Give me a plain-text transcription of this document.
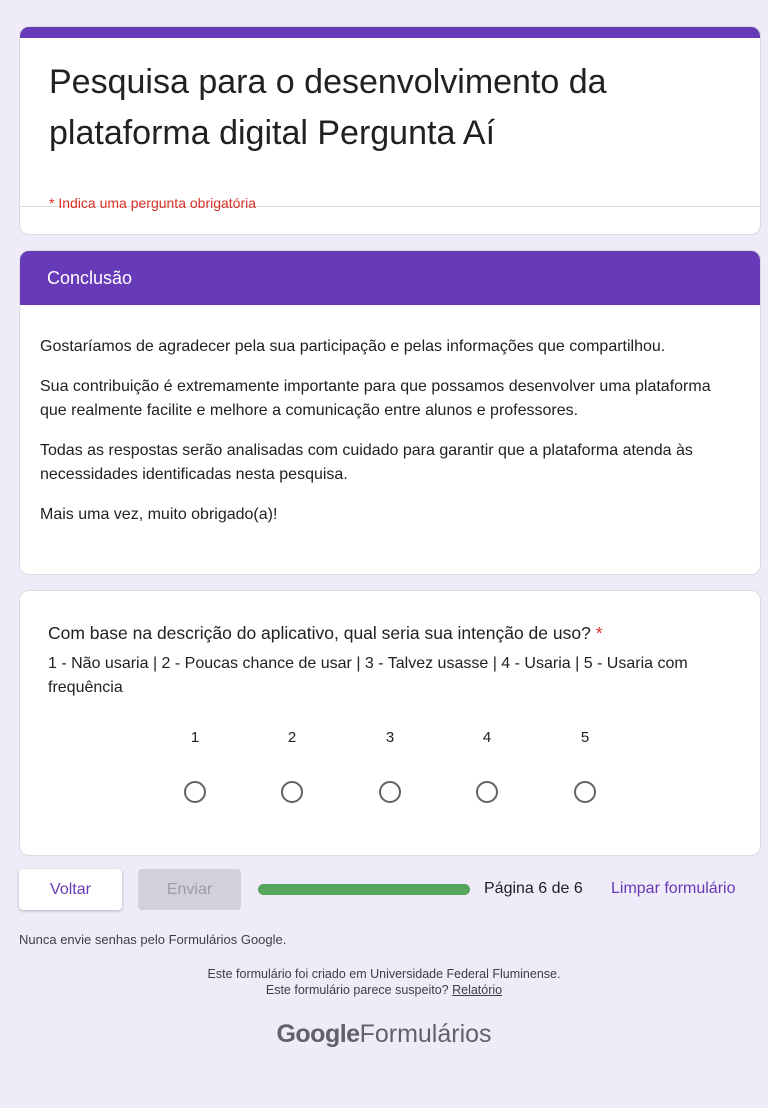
Pesquisa para o desenvolvimento da plataforma digital Pergunta Aí
* Indica uma pergunta obrigatória
Conclusão

Gostaríamos de agradecer pela sua participação e pelas informações que compartilhou.

Sua contribuição é extremamente importante para que possamos desenvolver uma plataforma que realmente facilite e melhore a comunicação entre alunos e professores.

Todas as respostas serão analisadas com cuidado para garantir que a plataforma atenda às necessidades identificadas nesta pesquisa.

Mais uma vez, muito obrigado(a)!

Com base na descrição do aplicativo, qual seria sua intenção de uso? *
1 - Não usaria | 2 - Poucas chance de usar | 3 - Talvez usasse | 4 - Usaria | 5 - Usaria com frequência
1	2	3	4	5
Voltar	Enviar	Página 6 de 6 Limpar formulário
Nunca envie senhas pelo Formulários Google.
Este formulário foi criado em Universidade Federal Fluminense.
Este formulário parece suspeito? Relatório
GoogleFormulários
